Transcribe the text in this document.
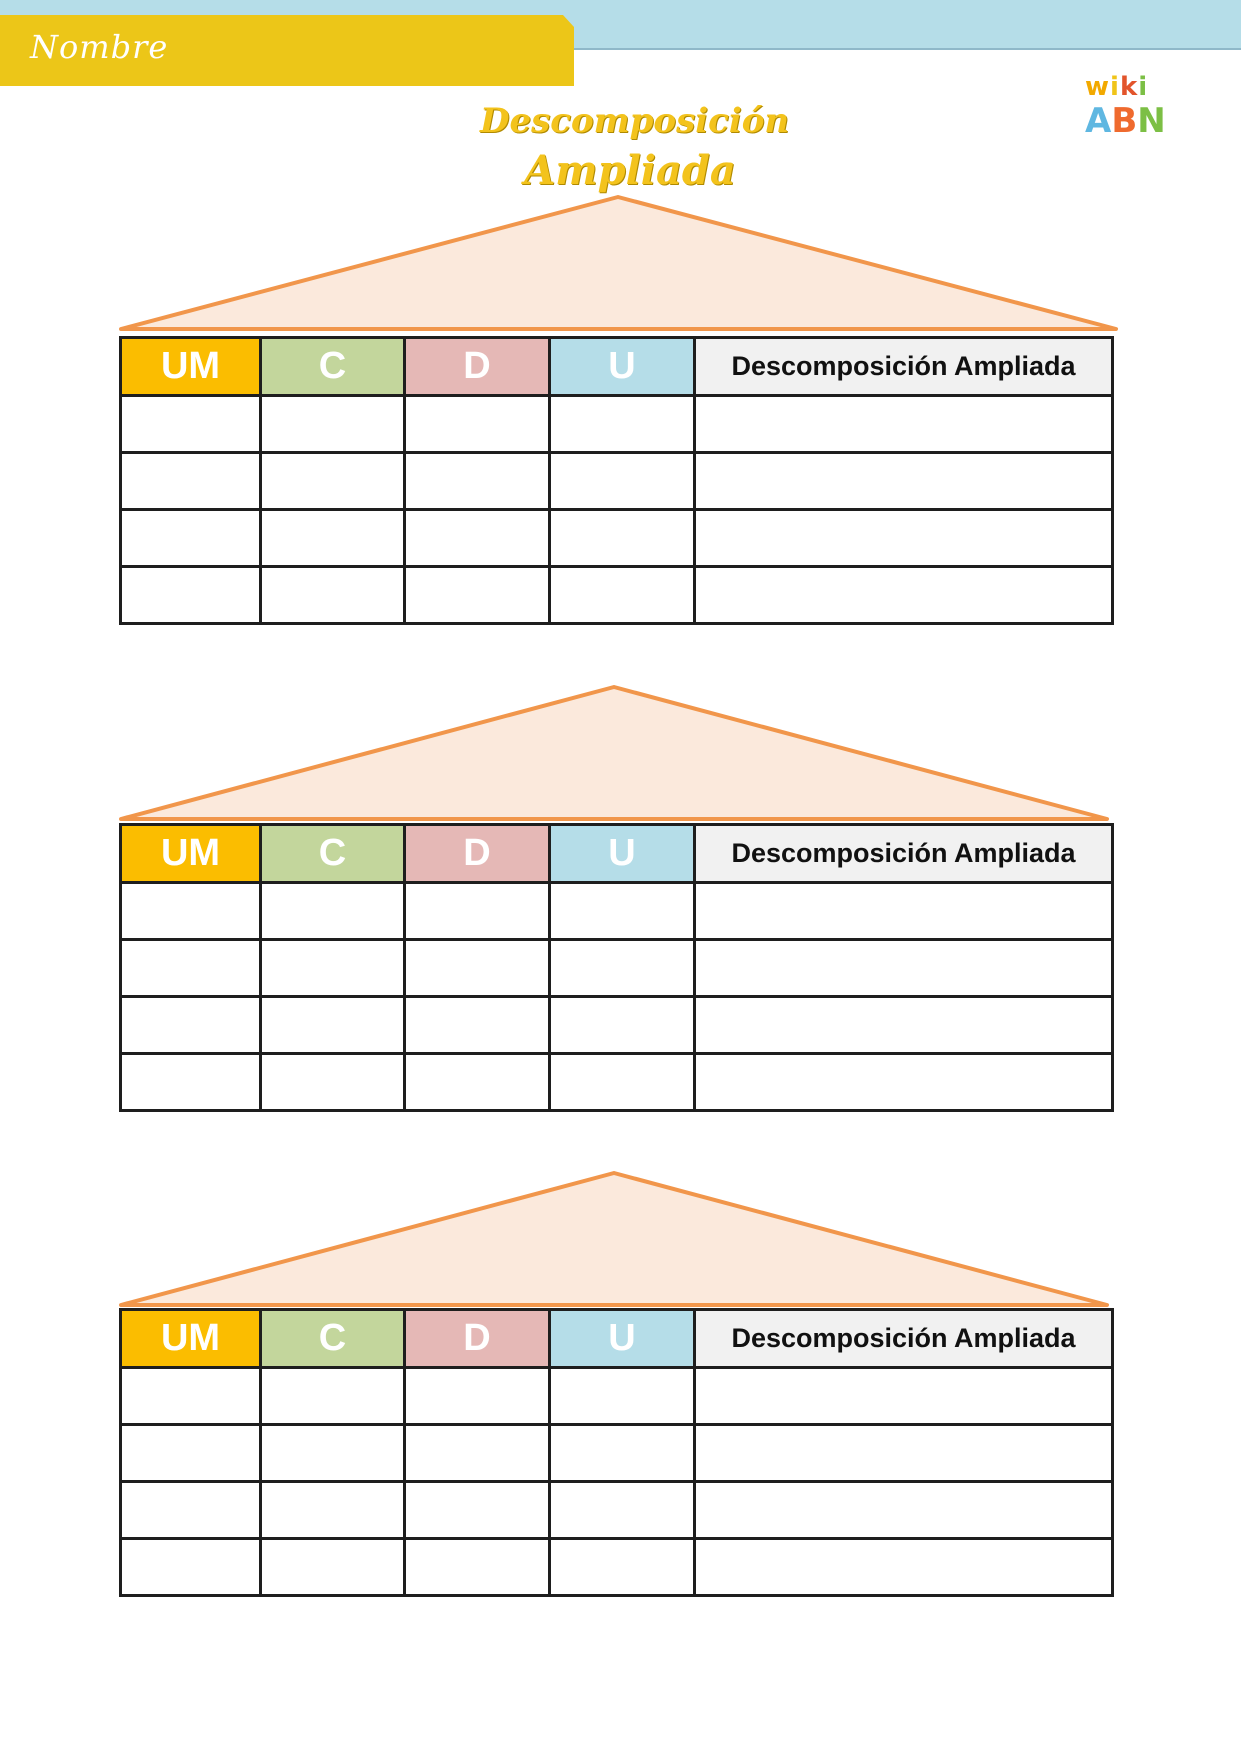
Nombre
Descomposición
Ampliada
wiki
ABN
UM	C	D	U	Descomposición Ampliada

UM	C	D	U	Descomposición Ampliada

UM	C	D	U	Descomposición Ampliada
